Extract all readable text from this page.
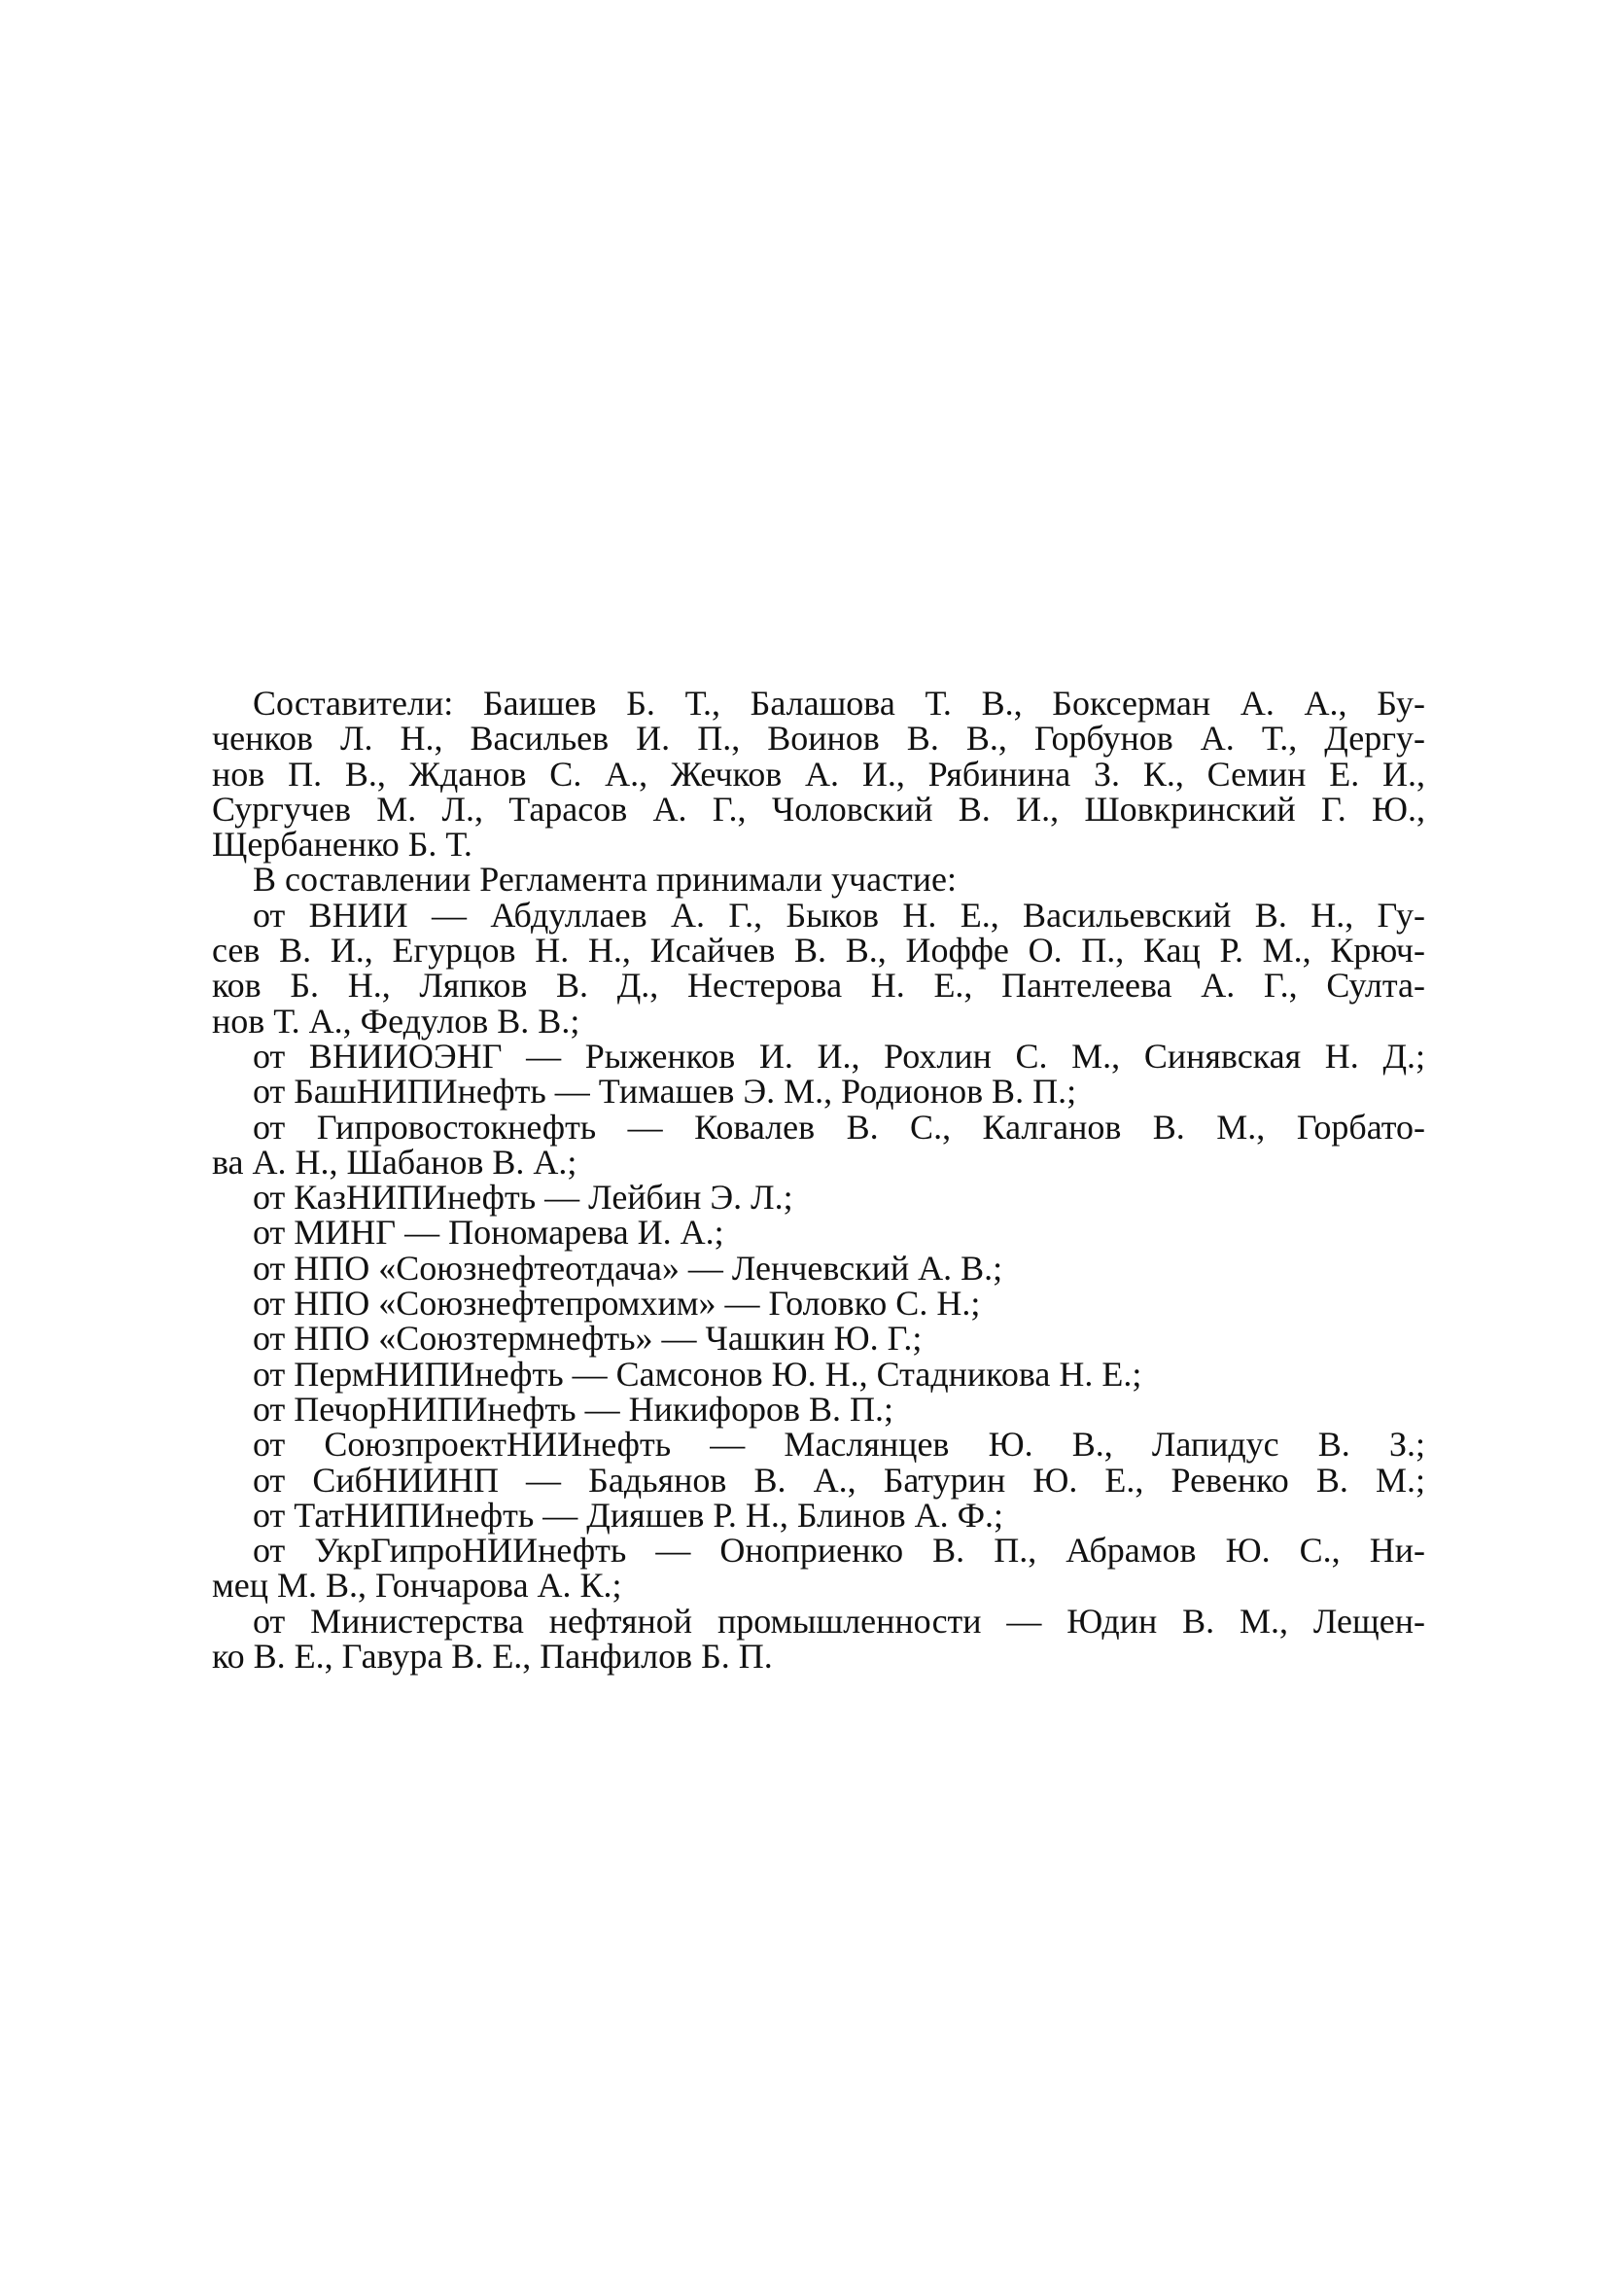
Составители: Баишев Б. Т., Балашова Т. В., Боксерман А. А., Бу-
ченков Л. Н., Васильев И. П., Воинов В. В., Горбунов А. Т., Дергу-
нов П. В., Жданов С. А., Жечков А. И., Рябинина З. К., Семин Е. И.,
Сургучев М. Л., Тарасов А. Г., Чоловский В. И., Шовкринский Г. Ю.,
Щербаненко Б. Т.
В составлении Регламента принимали участие:
от ВНИИ — Абдуллаев А. Г., Быков Н. Е., Васильевский В. Н., Гу-
сев В. И., Егурцов Н. Н., Исайчев В. В., Иоффе О. П., Кац Р. М., Крюч-
ков Б. Н., Ляпков В. Д., Нестерова Н. Е., Пантелеева А. Г., Султа-
нов Т. А., Федулов В. В.;
от ВНИИОЭНГ — Рыженков И. И., Рохлин С. М., Синявская Н. Д.;
от БашНИПИнефть — Тимашев Э. М., Родионов В. П.;
от Гипровостокнефть — Ковалев В. С., Калганов В. М., Горбато-
ва А. Н., Шабанов В. А.;
от КазНИПИнефть — Лейбин Э. Л.;
от МИНГ — Пономарева И. А.;
от НПО «Союзнефтеотдача» — Ленчевский А. В.;
от НПО «Союзнефтепромхим» — Головко С. Н.;
от НПО «Союзтермнефть» — Чашкин Ю. Г.;
от ПермНИПИнефть — Самсонов Ю. Н., Стадникова Н. Е.;
от ПечорНИПИнефть — Никифоров В. П.;
от СоюзпроектНИИнефть — Маслянцев Ю. В., Лапидус В. З.;
от СибНИИНП — Бадьянов В. А., Батурин Ю. Е., Ревенко В. М.;
от ТатНИПИнефть — Дияшев Р. Н., Блинов А. Ф.;
от УкрГипроНИИнефть — Оноприенко В. П., Абрамов Ю. С., Ни-
мец М. В., Гончарова А. К.;
от Министерства нефтяной промышленности — Юдин В. М., Лещен-
ко В. Е., Гавура В. Е., Панфилов Б. П.
